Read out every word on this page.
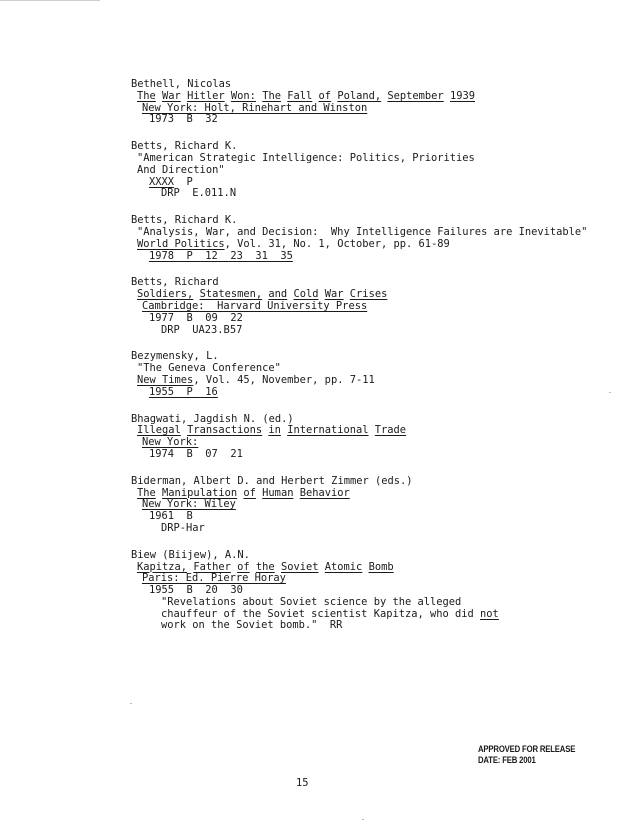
Bethell, Nicolas
The War Hitler Won: The Fall of Poland, September 1939
New York: Holt, Rinehart and Winston
1973  B  32
Betts, Richard K.
"American Strategic Intelligence: Politics, Priorities
And Direction"
XXXX P
DRP  E.011.N
Betts, Richard K.
"Analysis, War, and Decision:  Why Intelligence Failures are Inevitable"
World Politics, Vol. 31, No. 1, October, pp. 61-89
1978  P  12  23  31  35
Betts, Richard
Soldiers, Statesmen, and Cold War Crises
Cambridge:  Harvard University Press
1977  B  09  22
DRP  UA23.B57
Bezymensky, L.
"The Geneva Conference"
New Times, Vol. 45, November, pp. 7-11
1955  P  16
Bhagwati, Jagdish N. (ed.)
Illegal Transactions in International Trade
New York:
1974  B  07  21
Biderman, Albert D. and Herbert Zimmer (eds.)
The Manipulation of Human Behavior
New York: Wiley
1961  B
DRP-Har
Biew (Biijew), A.N.
Kapitza, Father of the Soviet Atomic Bomb
Paris: Ed. Pierre Horay
1955  B  20  30
"Revelations about Soviet science by the alleged
chauffeur of the Soviet scientist Kapitza, who did not
work on the Soviet bomb."  RR
APPROVED FOR RELEASE
DATE: FEB 2001
15
